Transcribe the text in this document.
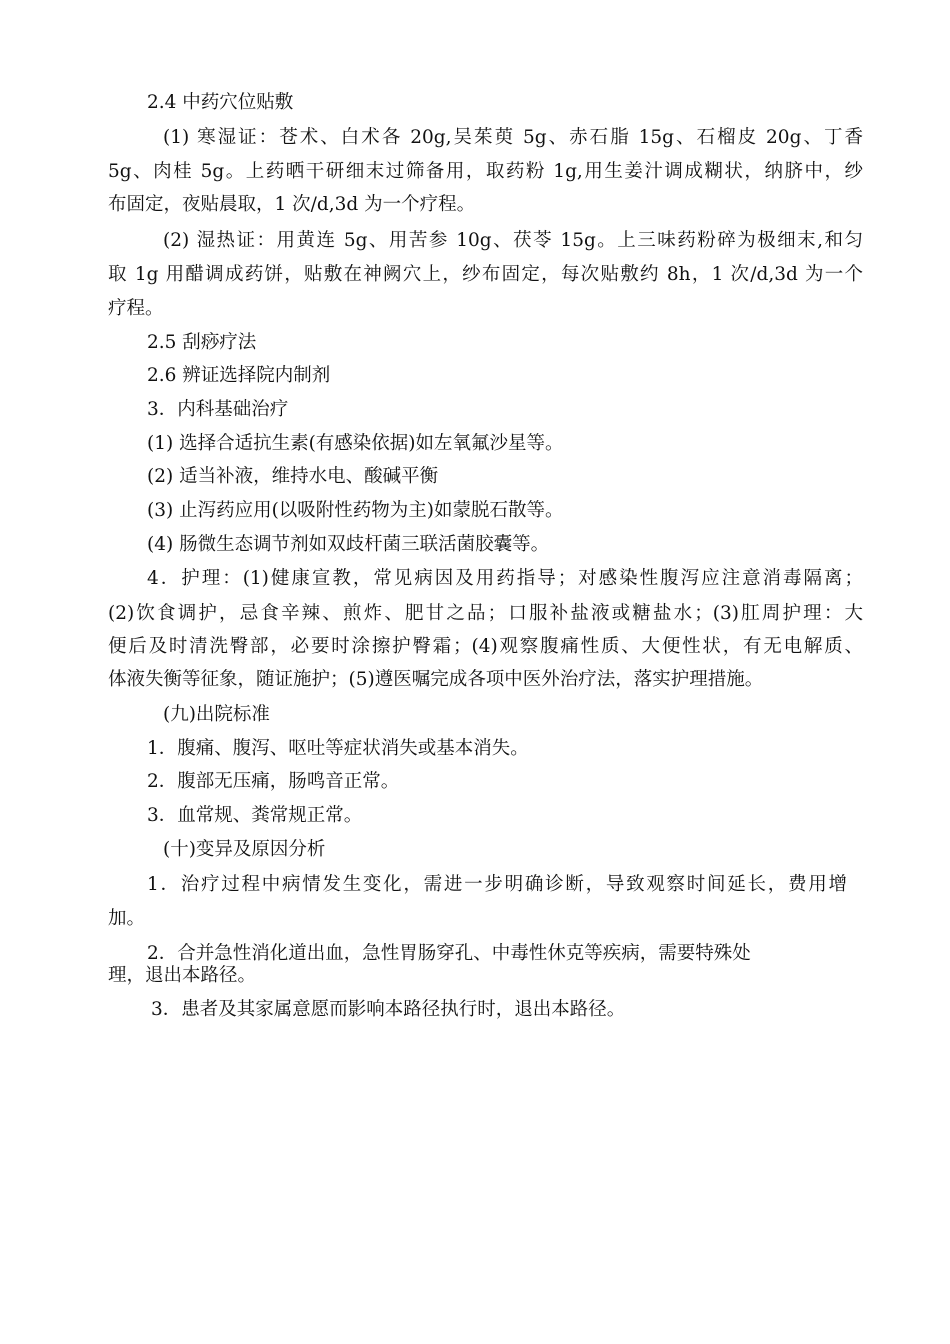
2.4 中药穴位贴敷
(1) 寒湿证：苍术、白术各 20g,吴茱萸 5g、赤石脂 15g、石榴皮 20g、丁香
5g、肉桂 5g。上药晒干研细末过筛备用，取药粉 1g,用生姜汁调成糊状，纳脐中，纱
布固定，夜贴晨取，1 次/d,3d 为一个疗程。
(2) 湿热证：用黄连 5g、用苦参 10g、茯苓 15g。上三味药粉碎为极细末,和匀
取 1g 用醋调成药饼，贴敷在神阙穴上，纱布固定，每次贴敷约 8h，1 次/d,3d 为一个
疗程。
2.5 刮痧疗法
2.6 辨证选择院内制剂
3．内科基础治疗
(1) 选择合适抗生素(有感染依据)如左氧氟沙星等。
(2) 适当补液，维持水电、酸碱平衡
(3) 止泻药应用(以吸附性药物为主)如蒙脱石散等。
(4) 肠微生态调节剂如双歧杆菌三联活菌胶囊等。
4．护理：(1)健康宣教，常见病因及用药指导；对感染性腹泻应注意消毒隔离；
(2)饮食调护，忌食辛辣、煎炸、肥甘之品；口服补盐液或糖盐水；(3)肛周护理：大
便后及时清洗臀部，必要时涂擦护臀霜；(4)观察腹痛性质、大便性状，有无电解质、
体液失衡等征象，随证施护；(5)遵医嘱完成各项中医外治疗法，落实护理措施。
(九)出院标准
1．腹痛、腹泻、呕吐等症状消失或基本消失。
2．腹部无压痛，肠鸣音正常。
3．血常规、粪常规正常。
(十)变异及原因分析
1．治疗过程中病情发生变化，需进一步明确诊断，导致观察时间延长，费用增
加。
2．合并急性消化道出血，急性胃肠穿孔、中毒性休克等疾病，需要特殊处
理，退出本路径。
3．患者及其家属意愿而影响本路径执行时，退出本路径。
